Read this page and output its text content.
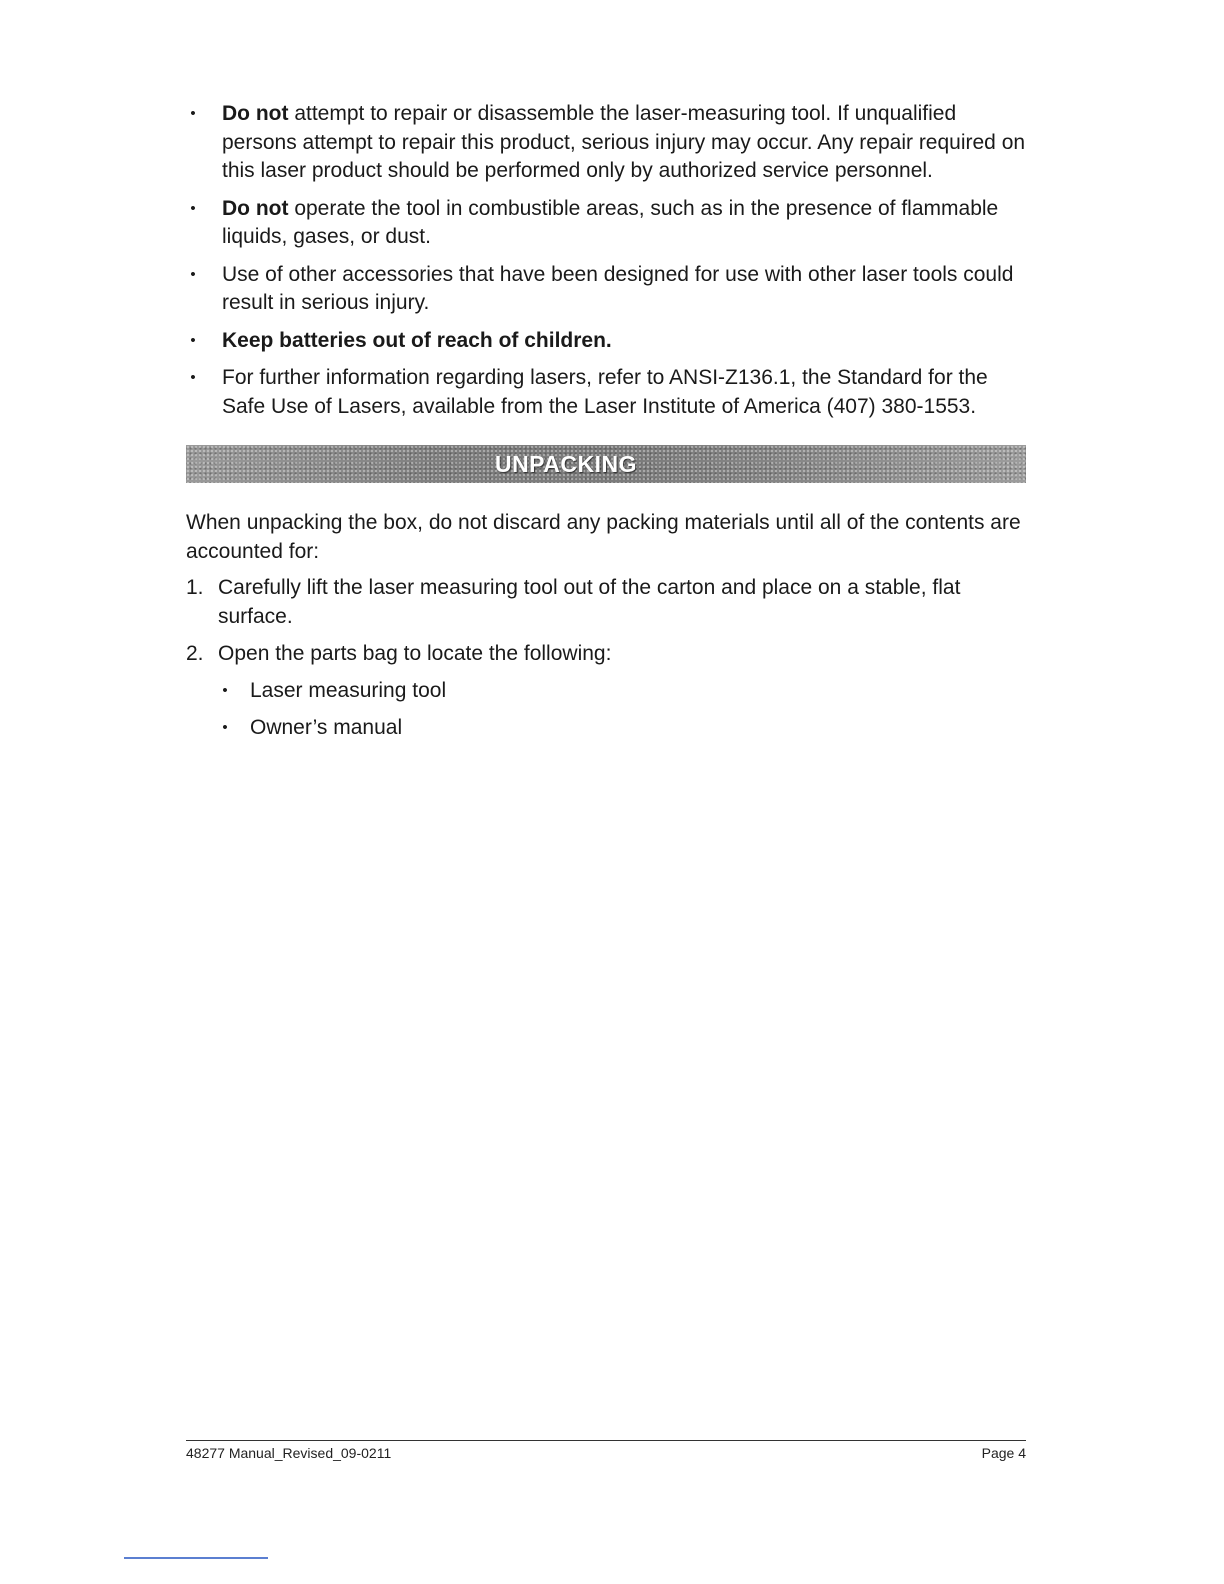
• Do not attempt to repair or disassemble the laser-measuring tool. If unqualified persons attempt to repair this product, serious injury may occur. Any repair required on this laser product should be performed only by authorized service personnel.
• Do not operate the tool in combustible areas, such as in the presence of flammable liquids, gases, or dust.
• Use of other accessories that have been designed for use with other laser tools could result in serious injury.
• Keep batteries out of reach of children.
• For further information regarding lasers, refer to ANSI-Z136.1, the Standard for the Safe Use of Lasers, available from the Laser Institute of America (407) 380-1553.
UNPACKING

When unpacking the box, do not discard any packing materials until all of the contents are accounted for:

1. Carefully lift the laser measuring tool out of the carton and place on a stable, flat surface.
2. Open the parts bag to locate the following:
• Laser measuring tool
• Owner’s manual
48277 Manual_Revised_09-0211	Page 4
